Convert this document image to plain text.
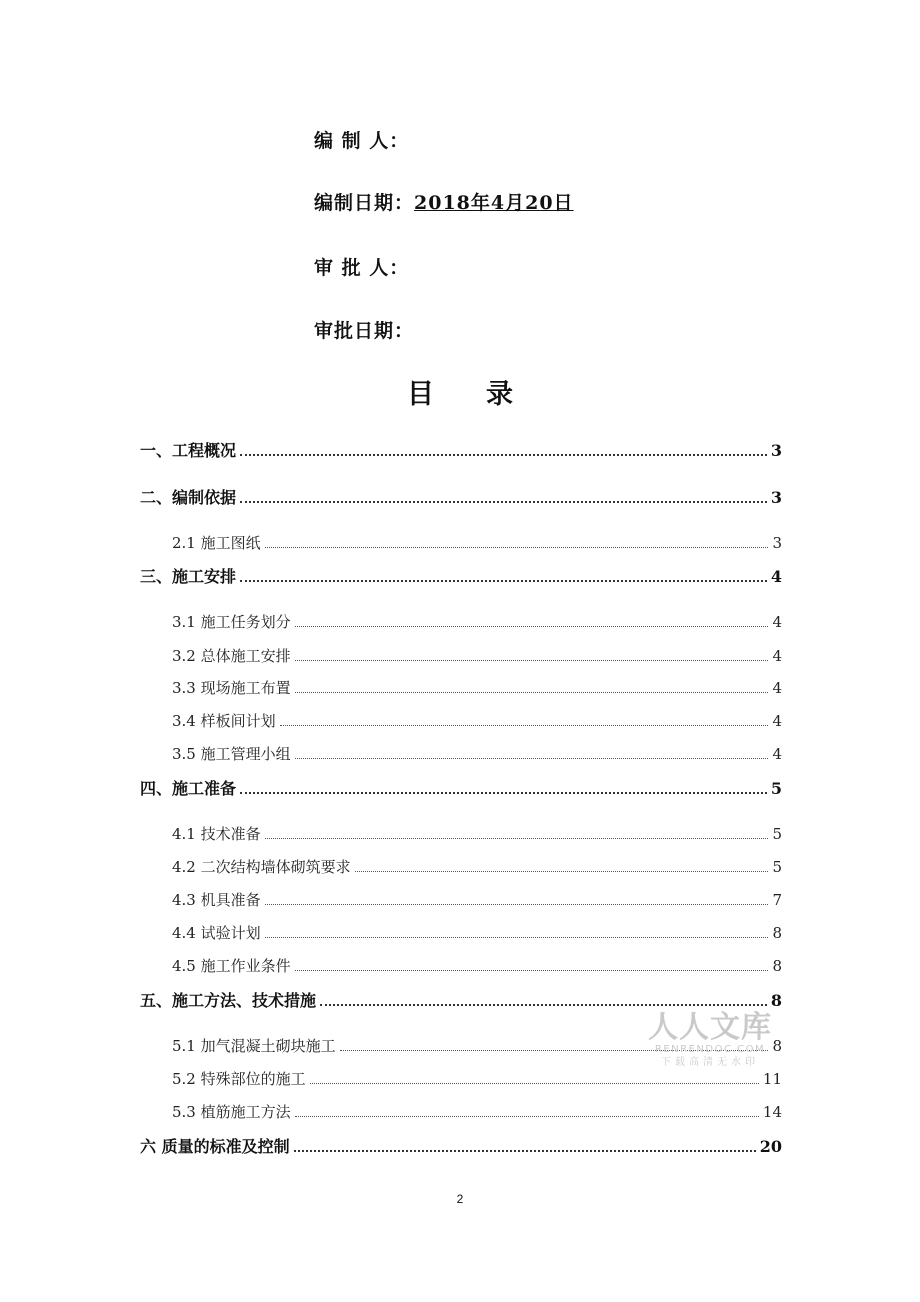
编 制 人：
编制日期：2018年4月20日
审 批 人：
审批日期：
目 录
一、工程概况	3
二、编制依据	3
2.1 施工图纸	3
三、施工安排	4
3.1 施工任务划分	4
3.2 总体施工安排	4
3.3 现场施工布置	4
3.4 样板间计划	4
3.5 施工管理小组	4
四、施工准备	5
4.1 技术准备	5
4.2 二次结构墙体砌筑要求	5
4.3 机具准备	7
4.4 试验计划	8
4.5 施工作业条件	8
五、施工方法、技术措施	8
5.1 加气混凝土砌块施工	8
5.2 特殊部位的施工	11
5.3 植筋施工方法	14
六 质量的标准及控制	20
人人文库
RENRENDOC.COM
下载高清无水印
2
